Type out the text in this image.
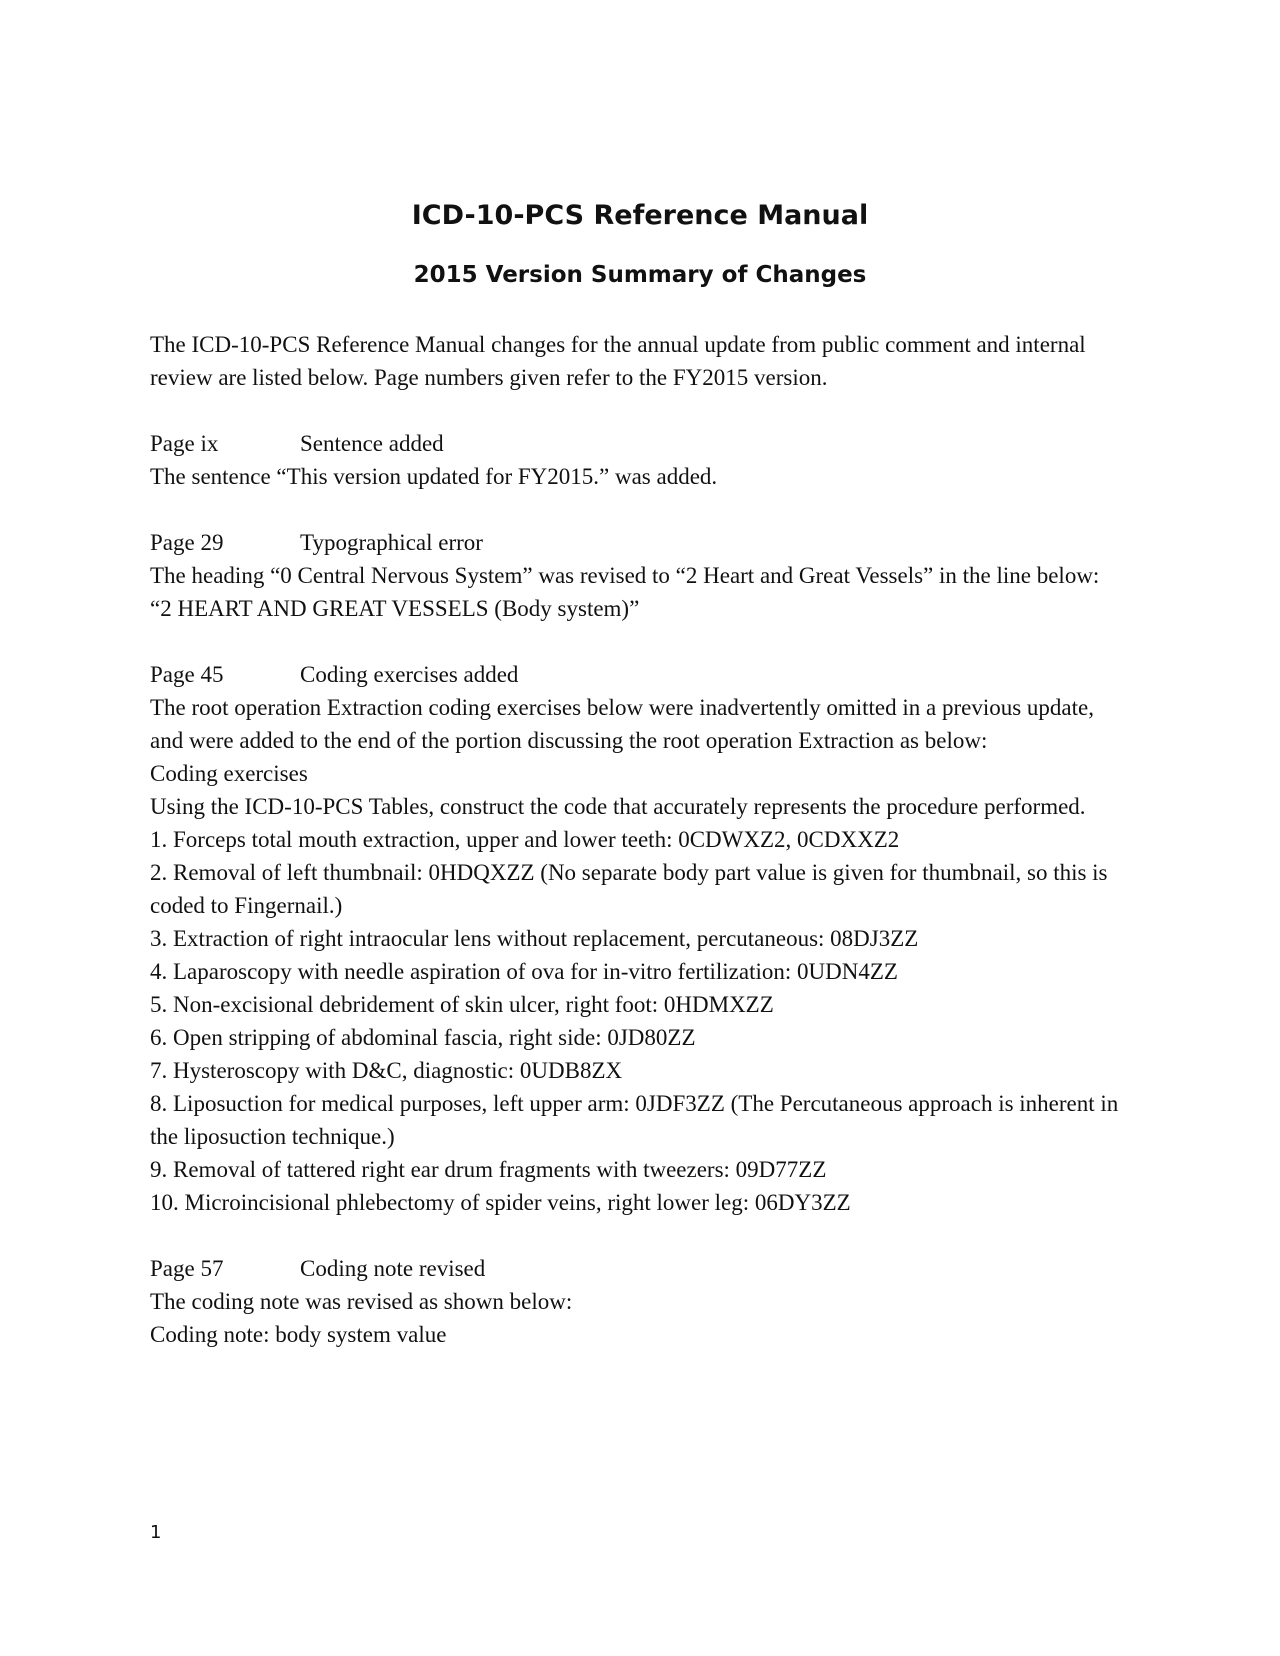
ICD-10-PCS Reference Manual
2015 Version Summary of Changes

The ICD-10-PCS Reference Manual changes for the annual update from public comment and internal review are listed below. Page numbers given refer to the FY2015 version.

Page ix	Sentence added

The sentence “This version updated for FY2015.” was added.

Page 29	Typographical error

The heading “0 Central Nervous System” was revised to “2 Heart and Great Vessels” in the line below:

“2 HEART AND GREAT VESSELS (Body system)”

Page 45	Coding exercises added

The root operation Extraction coding exercises below were inadvertently omitted in a previous update, and were added to the end of the portion discussing the root operation Extraction as below:

Coding exercises

Using the ICD-10-PCS Tables, construct the code that accurately represents the procedure performed.

1. Forceps total mouth extraction, upper and lower teeth: 0CDWXZ2, 0CDXXZ2

2. Removal of left thumbnail: 0HDQXZZ (No separate body part value is given for thumbnail, so this is coded to Fingernail.)

3. Extraction of right intraocular lens without replacement, percutaneous: 08DJ3ZZ

4. Laparoscopy with needle aspiration of ova for in-vitro fertilization: 0UDN4ZZ

5. Non-excisional debridement of skin ulcer, right foot: 0HDMXZZ

6. Open stripping of abdominal fascia, right side: 0JD80ZZ

7. Hysteroscopy with D&C, diagnostic: 0UDB8ZX

8. Liposuction for medical purposes, left upper arm: 0JDF3ZZ (The Percutaneous approach is inherent in the liposuction technique.)

9. Removal of tattered right ear drum fragments with tweezers: 09D77ZZ

10. Microincisional phlebectomy of spider veins, right lower leg: 06DY3ZZ

Page 57	Coding note revised

The coding note was revised as shown below:

Coding note: body system value

1
